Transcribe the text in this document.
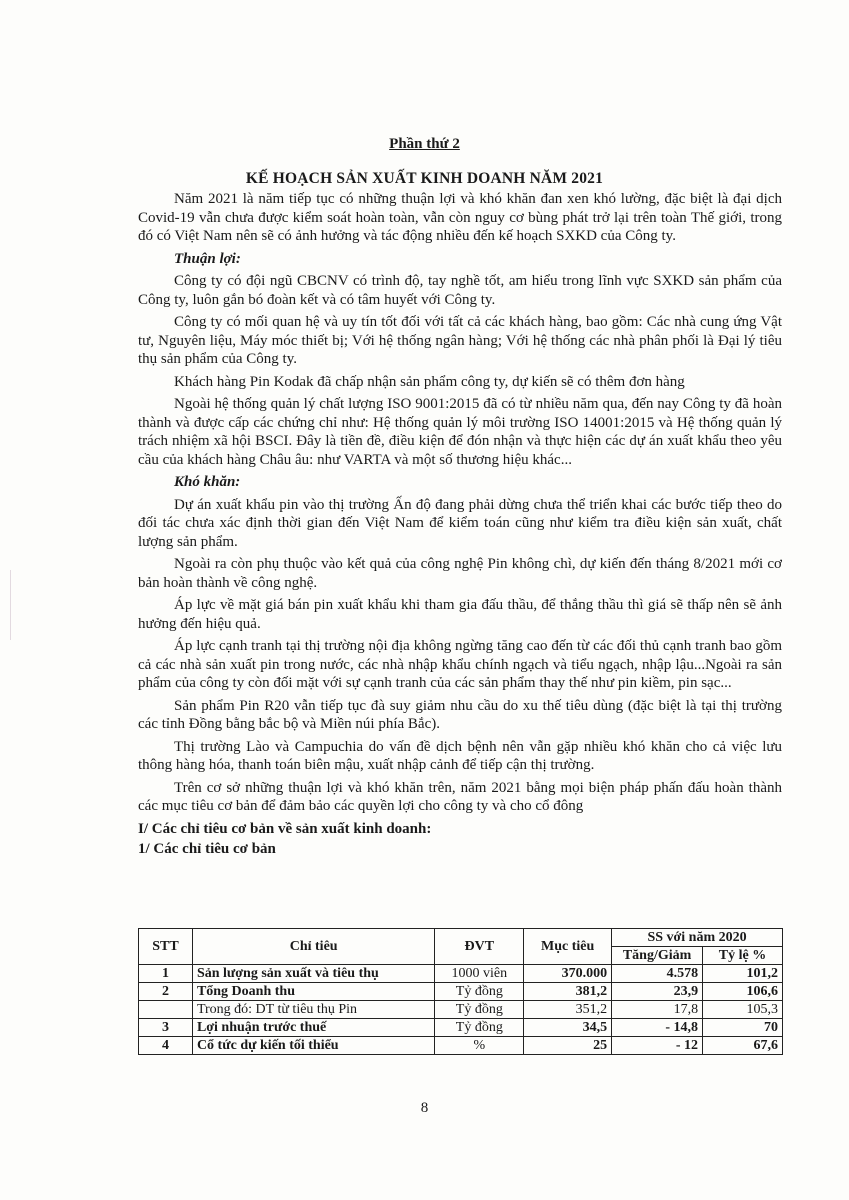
Phần thứ 2
KẾ HOẠCH SẢN XUẤT KINH DOANH NĂM 2021

Năm 2021 là năm tiếp tục có những thuận lợi và khó khăn đan xen khó lường, đặc biệt là đại dịch Covid-19 vẫn chưa được kiểm soát hoàn toàn, vẫn còn nguy cơ bùng phát trở lại trên toàn Thế giới, trong đó có Việt Nam nên sẽ có ảnh hưởng và tác động nhiều đến kế hoạch SXKD của Công ty.

Thuận lợi:

Công ty có đội ngũ CBCNV có trình độ, tay nghề tốt, am hiểu trong lĩnh vực SXKD sản phẩm của Công ty, luôn gắn bó đoàn kết và có tâm huyết với Công ty.

Công ty có mối quan hệ và uy tín tốt đối với tất cả các khách hàng, bao gồm: Các nhà cung ứng Vật tư, Nguyên liệu, Máy móc thiết bị; Với hệ thống ngân hàng; Với hệ thống các nhà phân phối là Đại lý tiêu thụ sản phẩm của Công ty.

Khách hàng Pin Kodak đã chấp nhận sản phẩm công ty, dự kiến sẽ có thêm đơn hàng

Ngoài hệ thống quản lý chất lượng ISO 9001:2015 đã có từ nhiều năm qua, đến nay Công ty đã hoàn thành và được cấp các chứng chỉ như: Hệ thống quản lý môi trường ISO 14001:2015 và Hệ thống quản lý trách nhiệm xã hội BSCI. Đây là tiền đề, điều kiện để đón nhận và thực hiện các dự án xuất khẩu theo yêu cầu của khách hàng Châu âu: như VARTA và một số thương hiệu khác...

Khó khăn:

Dự án xuất khẩu pin vào thị trường Ấn độ đang phải dừng chưa thể triển khai các bước tiếp theo do đối tác chưa xác định thời gian đến Việt Nam để kiểm toán cũng như kiểm tra điều kiện sản xuất, chất lượng sản phẩm.

Ngoài ra còn phụ thuộc vào kết quả của công nghệ Pin không chì, dự kiến đến tháng 8/2021 mới cơ bản hoàn thành về công nghệ.

Áp lực về mặt giá bán pin xuất khẩu khi tham gia đấu thầu, để thắng thầu thì giá sẽ thấp nên sẽ ảnh hưởng đến hiệu quả.

Áp lực cạnh tranh tại thị trường nội địa không ngừng tăng cao đến từ các đối thủ cạnh tranh bao gồm cả các nhà sản xuất pin trong nước, các nhà nhập khẩu chính ngạch và tiểu ngạch, nhập lậu...Ngoài ra sản phẩm của công ty còn đối mặt với sự cạnh tranh của các sản phẩm thay thế như pin kiềm, pin sạc...

Sản phẩm Pin R20 vẫn tiếp tục đà suy giảm nhu cầu do xu thế tiêu dùng (đặc biệt là tại thị trường các tỉnh Đồng bằng bắc bộ và Miền núi phía Bắc).

Thị trường Lào và Campuchia do vấn đề dịch bệnh nên vẫn gặp nhiều khó khăn cho cả việc lưu thông hàng hóa, thanh toán biên mậu, xuất nhập cảnh để tiếp cận thị trường.

Trên cơ sở những thuận lợi và khó khăn trên, năm 2021 bằng mọi biện pháp phấn đấu hoàn thành các mục tiêu cơ bản để đảm bảo các quyền lợi cho công ty và cho cổ đông

I/ Các chỉ tiêu cơ bản về sản xuất kinh doanh:

1/ Các chỉ tiêu cơ bản

STT	Chỉ tiêu	ĐVT	Mục tiêu	SS với năm 2020	
				Tăng/Giảm	Tỷ lệ %
1	Sản lượng sản xuất và tiêu thụ	1000 viên	370.000	4.578	101,2
2	Tổng Doanh thu	Tỷ đồng	381,2	23,9	106,6
	Trong đó: DT từ tiêu thụ Pin	Tỷ đồng	351,2	17,8	105,3
3	Lợi nhuận trước thuế	Tỷ đồng	34,5	- 14,8	70
4	Cổ tức dự kiến tối thiểu	%	25	- 12	67,6
8
